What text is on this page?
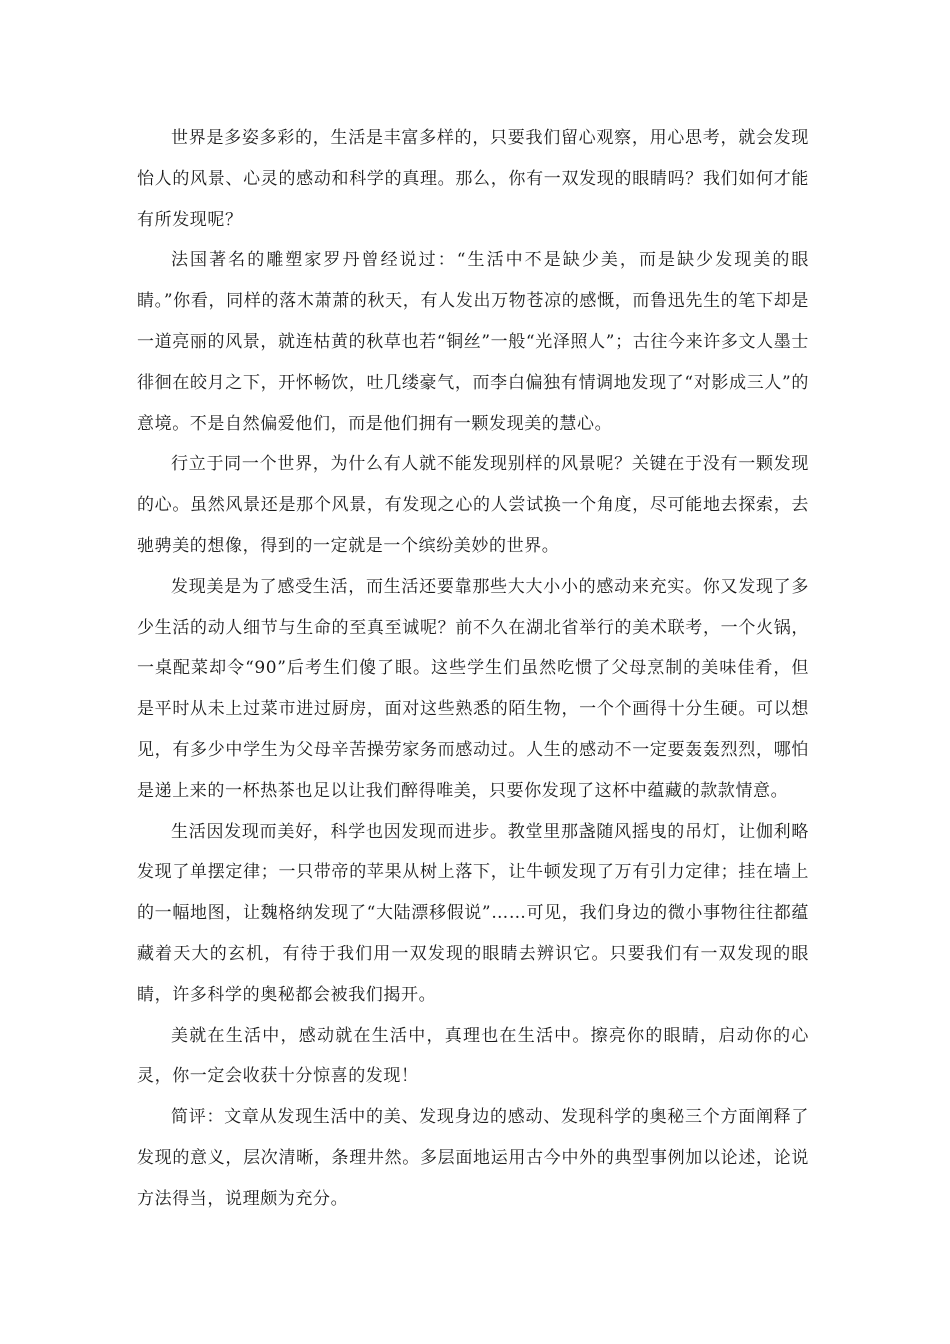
世界是多姿多彩的，生活是丰富多样的，只要我们留心观察，用心思考，就会发现怡人的风景、心灵的感动和科学的真理。那么，你有一双发现的眼睛吗？我们如何才能有所发现呢？

法国著名的雕塑家罗丹曾经说过：“生活中不是缺少美，而是缺少发现美的眼睛。”你看，同样的落木萧萧的秋天，有人发出万物苍凉的感慨，而鲁迅先生的笔下却是一道亮丽的风景，就连枯黄的秋草也若“铜丝”一般“光泽照人”；古往今来许多文人墨士徘徊在皎月之下，开怀畅饮，吐几缕豪气，而李白偏独有情调地发现了“对影成三人”的意境。不是自然偏爱他们，而是他们拥有一颗发现美的慧心。

行立于同一个世界，为什么有人就不能发现别样的风景呢？关键在于没有一颗发现的心。虽然风景还是那个风景，有发现之心的人尝试换一个角度，尽可能地去探索，去驰骋美的想像，得到的一定就是一个缤纷美妙的世界。

发现美是为了感受生活，而生活还要靠那些大大小小的感动来充实。你又发现了多少生活的动人细节与生命的至真至诚呢？前不久在湖北省举行的美术联考，一个火锅，一桌配菜却令“90”后考生们傻了眼。这些学生们虽然吃惯了父母烹制的美味佳肴，但是平时从未上过菜市进过厨房，面对这些熟悉的陌生物，一个个画得十分生硬。可以想见，有多少中学生为父母辛苦操劳家务而感动过。人生的感动不一定要轰轰烈烈，哪怕是递上来的一杯热茶也足以让我们醉得唯美，只要你发现了这杯中蕴藏的款款情意。

生活因发现而美好，科学也因发现而进步。教堂里那盏随风摇曳的吊灯，让伽利略发现了单摆定律；一只带帝的苹果从树上落下，让牛顿发现了万有引力定律；挂在墙上的一幅地图，让魏格纳发现了“大陆漂移假说”……可见，我们身边的微小事物往往都蕴藏着天大的玄机，有待于我们用一双发现的眼睛去辨识它。只要我们有一双发现的眼睛，许多科学的奥秘都会被我们揭开。

美就在生活中，感动就在生活中，真理也在生活中。擦亮你的眼睛，启动你的心灵，你一定会收获十分惊喜的发现！

简评：文章从发现生活中的美、发现身边的感动、发现科学的奥秘三个方面阐释了发现的意义，层次清晰，条理井然。多层面地运用古今中外的典型事例加以论述，论说方法得当，说理颇为充分。
